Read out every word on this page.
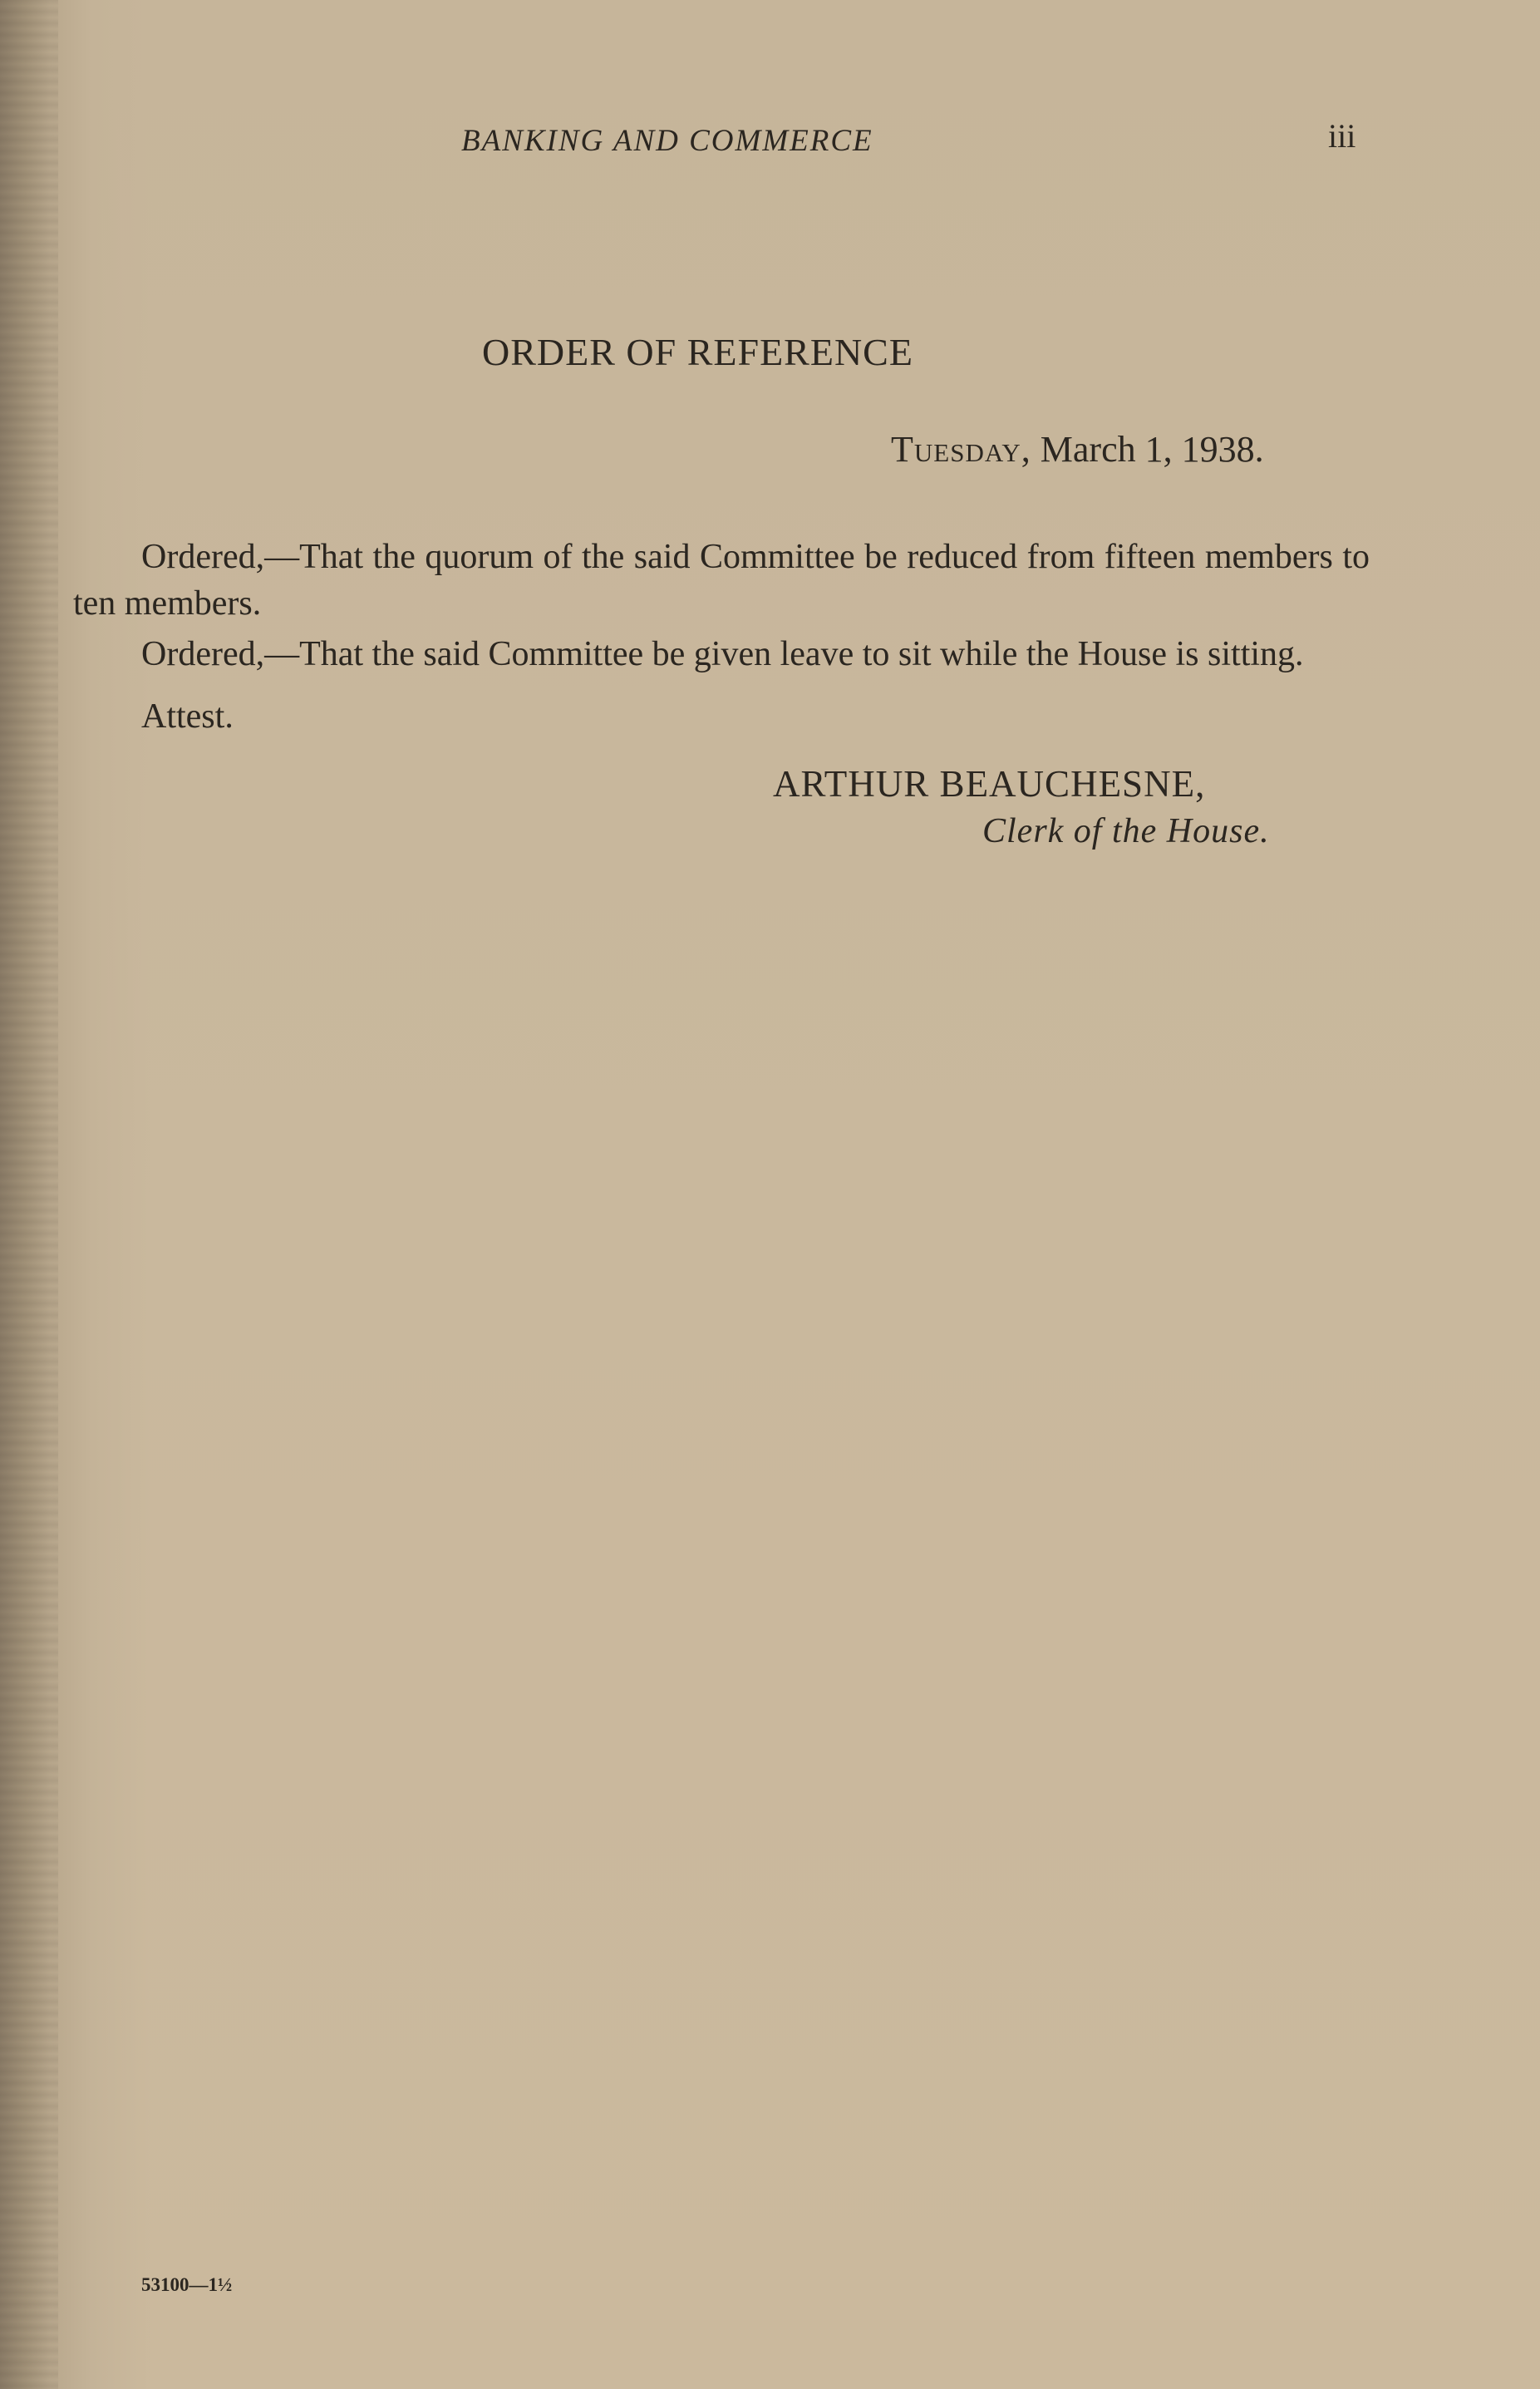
BANKING AND COMMERCE	iii
ORDER OF REFERENCE
Tuesday, March 1, 1938.

Ordered,—That the quorum of the said Committee be reduced from fifteen members to ten members.

Ordered,—That the said Committee be given leave to sit while the House is sitting.

Attest.
ARTHUR BEAUCHESNE,
Clerk of the House.
53100—1½
